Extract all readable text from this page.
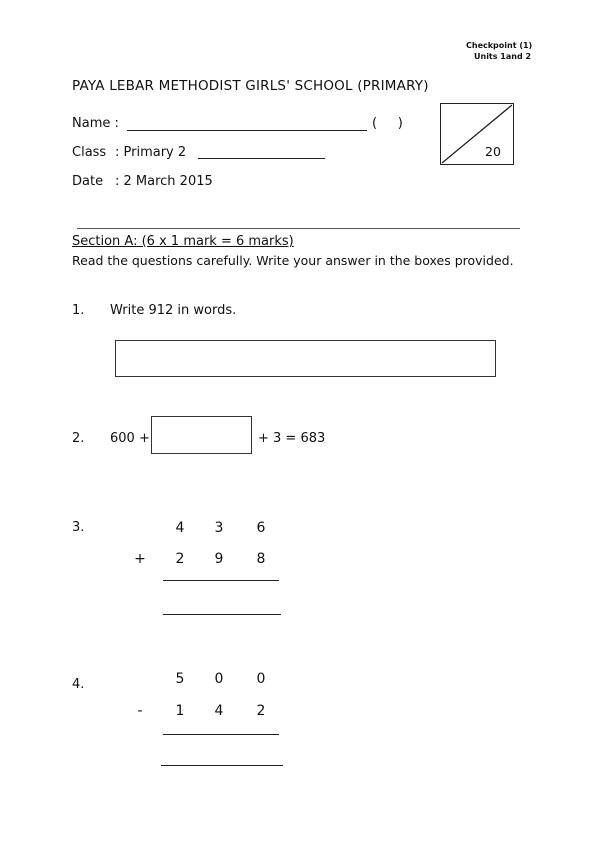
Checkpoint (1)
Units 1and 2
PAYA LEBAR METHODIST GIRLS' SCHOOL (PRIMARY)
Name :	(     )
Class : Primary 2
Date : 2 March 2015
20
Section A: (6 x 1 mark = 6 marks)
Read the questions carefully. Write your answer in the boxes provided.
1. Write 912 in words.
2. 600 +	+ 3 = 683
3.	4	3	6
+	2	9	8
4.	5	0	0
-	1	4	2
